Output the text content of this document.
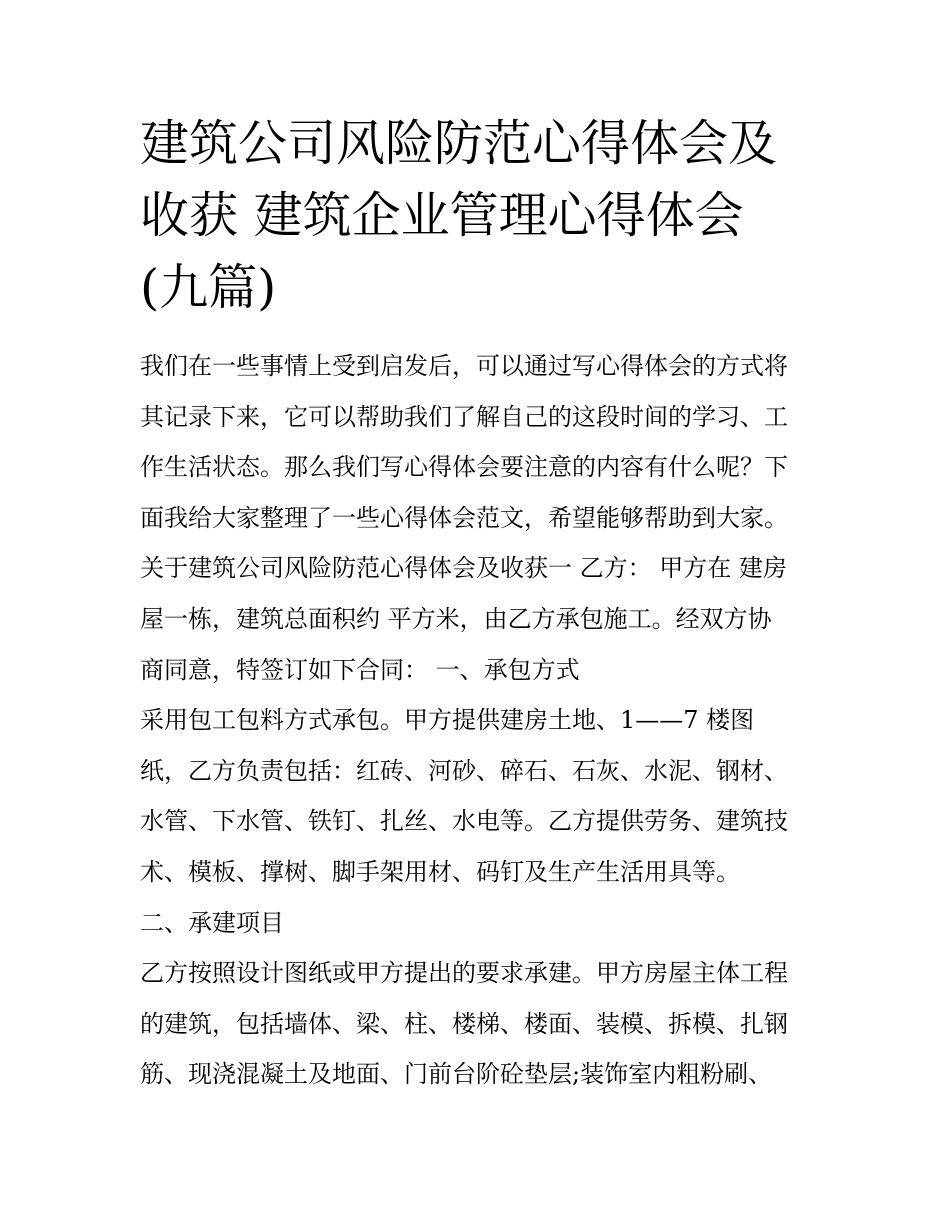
建筑公司风险防范心得体会及
收获 建筑企业管理心得体会
(九篇)
我们在一些事情上受到启发后，可以通过写心得体会的方式将
其记录下来，它可以帮助我们了解自己的这段时间的学习、工
作生活状态。那么我们写心得体会要注意的内容有什么呢？下
面我给大家整理了一些心得体会范文，希望能够帮助到大家。
关于建筑公司风险防范心得体会及收获一 乙方： 甲方在 建房
屋一栋，建筑总面积约 平方米，由乙方承包施工。经双方协
商同意，特签订如下合同： 一、承包方式
采用包工包料方式承包。甲方提供建房土地、1——7 楼图
纸，乙方负责包括：红砖、河砂、碎石、石灰、水泥、钢材、
水管、下水管、铁钉、扎丝、水电等。乙方提供劳务、建筑技
术、模板、撑树、脚手架用材、码钉及生产生活用具等。
二、承建项目
乙方按照设计图纸或甲方提出的要求承建。甲方房屋主体工程
的建筑，包括墙体、梁、柱、楼梯、楼面、装模、拆模、扎钢
筋、现浇混凝土及地面、门前台阶砼垫层;装饰室内粗粉刷、
